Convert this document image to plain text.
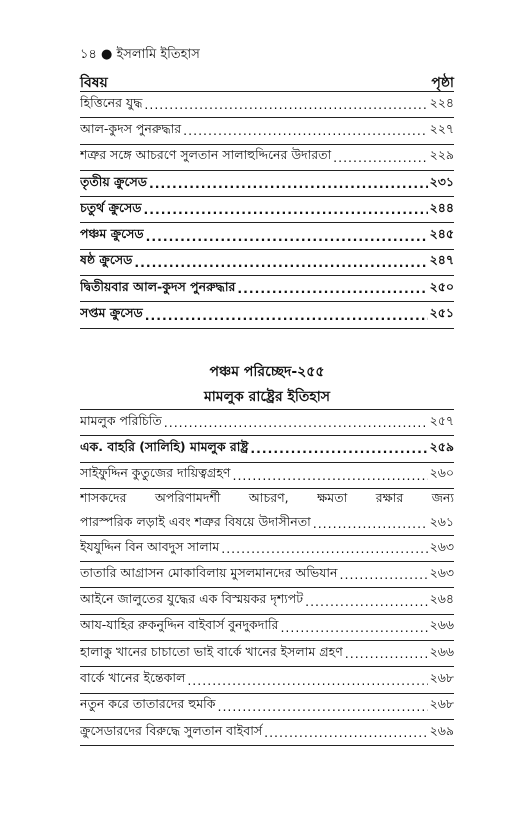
১৪ ● ইসলামি ইতিহাস
বিষয়	পৃষ্ঠা
হিত্তিনের যুদ্ধ .....	২২৪
আল-কুদস পুনরুদ্ধার .....	২২৭
শত্রুর সঙ্গে আচরণে সুলতান সালাহুদ্দিনের উদারতা .....	২২৯
তৃতীয় ক্রুসেড .....	২৩১
চতুর্থ ক্রুসেড .....	২৪৪
পঞ্চম ক্রুসেড .....	২৪৫
ষষ্ঠ ক্রুসেড .....	২৪৭
দ্বিতীয়বার আল-কুদস পুনরুদ্ধার .....	২৫০
সপ্তম ক্রুসেড .....	২৫১
পঞ্চম পরিচ্ছেদ-২৫৫
মামলুক রাষ্ট্রের ইতিহাস
মামলুক পরিচিতি .....	২৫৭
এক. বাহরি (সালিহি) মামলুক রাষ্ট্র .....	২৫৯
সাইফুদ্দিন কুতুজের দায়িত্বগ্রহণ .....	২৬০
শাসকদের অপরিণামদর্শী আচরণ, ক্ষমতা রক্ষার জন্য
পারস্পরিক লড়াই এবং শত্রুর বিষয়ে উদাসীনতা .....	২৬১
ইযযুদ্দিন বিন আবদুস সালাম .....	২৬৩
তাতারি আগ্রাসন মোকাবিলায় মুসলমানদের অভিযান .....	২৬৩
আইনে জালুতের যুদ্ধের এক বিস্ময়কর দৃশ্যপট .....	২৬৪
আয-যাহির রুকনুদ্দিন বাইবার্স বুনদুকদারি .....	২৬৬
হালাকু খানের চাচাতো ভাই বার্কে খানের ইসলাম গ্রহণ .....	২৬৬
বার্কে খানের ইন্তেকাল .....	২৬৮
নতুন করে তাতারদের হুমকি .....	২৬৮
ক্রুসেডারদের বিরুদ্ধে সুলতান বাইবার্স .....	২৬৯
